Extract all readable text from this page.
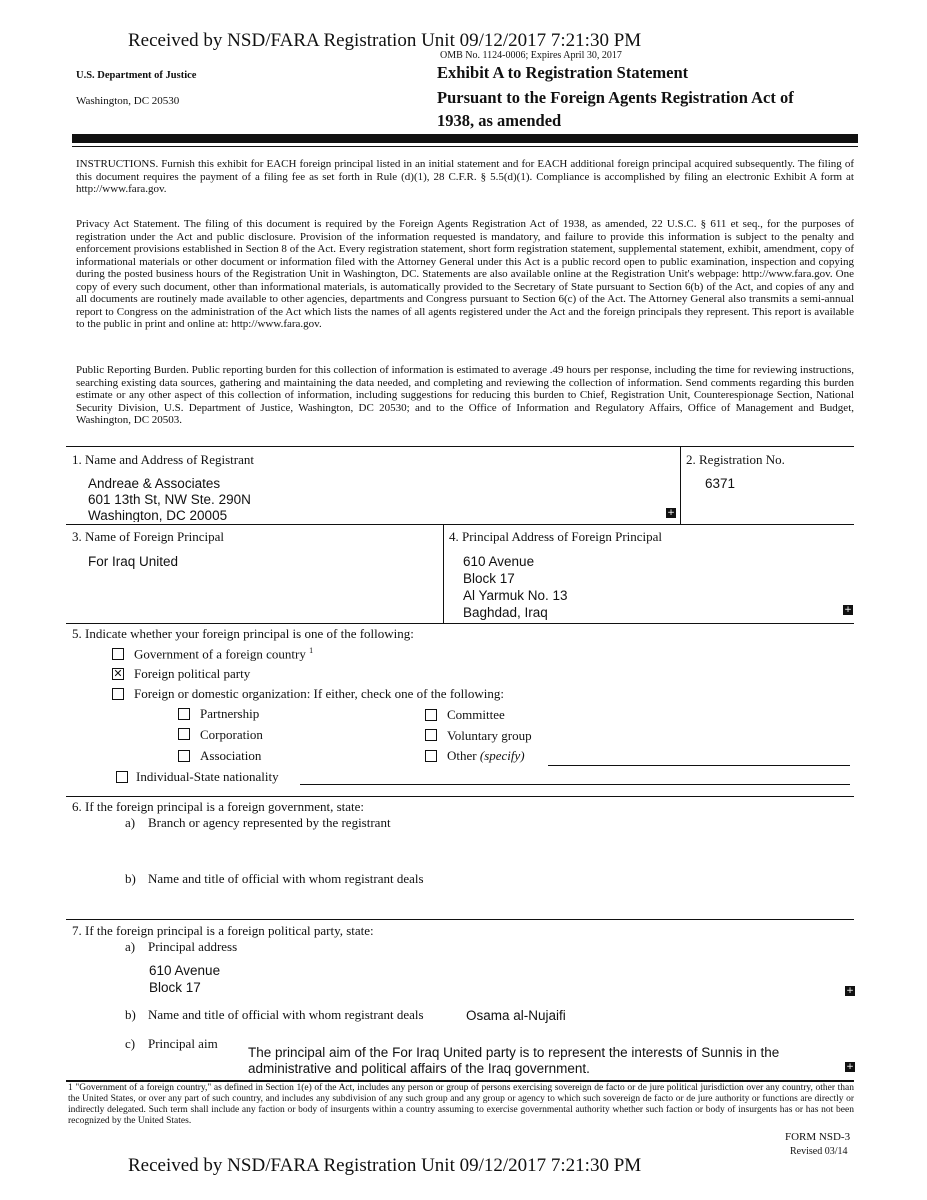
Received by NSD/FARA Registration Unit 09/12/2017 7:21:30 PM
OMB No. 1124-0006; Expires April 30, 2017
U.S. Department of Justice
Washington, DC 20530
Exhibit A to Registration Statement
Pursuant to the Foreign Agents Registration Act of
1938, as amended
INSTRUCTIONS. Furnish this exhibit for EACH foreign principal listed in an initial statement and for EACH additional foreign principal acquired subsequently. The filing of this document requires the payment of a filing fee as set forth in Rule (d)(1), 28 C.F.R. § 5.5(d)(1). Compliance is accomplished by filing an electronic Exhibit A form at http://www.fara.gov.
Privacy Act Statement. The filing of this document is required by the Foreign Agents Registration Act of 1938, as amended, 22 U.S.C. § 611 et seq., for the purposes of registration under the Act and public disclosure. Provision of the information requested is mandatory, and failure to provide this information is subject to the penalty and enforcement provisions established in Section 8 of the Act. Every registration statement, short form registration statement, supplemental statement, exhibit, amendment, copy of informational materials or other document or information filed with the Attorney General under this Act is a public record open to public examination, inspection and copying during the posted business hours of the Registration Unit in Washington, DC. Statements are also available online at the Registration Unit's webpage: http://www.fara.gov. One copy of every such document, other than informational materials, is automatically provided to the Secretary of State pursuant to Section 6(b) of the Act, and copies of any and all documents are routinely made available to other agencies, departments and Congress pursuant to Section 6(c) of the Act. The Attorney General also transmits a semi-annual report to Congress on the administration of the Act which lists the names of all agents registered under the Act and the foreign principals they represent. This report is available to the public in print and online at: http://www.fara.gov.
Public Reporting Burden. Public reporting burden for this collection of information is estimated to average .49 hours per response, including the time for reviewing instructions, searching existing data sources, gathering and maintaining the data needed, and completing and reviewing the collection of information. Send comments regarding this burden estimate or any other aspect of this collection of information, including suggestions for reducing this burden to Chief, Registration Unit, Counterespionage Section, National Security Division, U.S. Department of Justice, Washington, DC 20530; and to the Office of Information and Regulatory Affairs, Office of Management and Budget, Washington, DC 20503.
1. Name and Address of Registrant
Andreae & Associates
601 13th St, NW Ste. 290N
Washington, DC 20005	+
2. Registration No.
6371
3. Name of Foreign Principal
For Iraq United
4. Principal Address of Foreign Principal
610 Avenue
Block 17
Al Yarmuk No. 13
Baghdad, Iraq	+
5. Indicate whether your foreign principal is one of the following:
Government of a foreign country $^1$
✕ Foreign political party
Foreign or domestic organization: If either, check one of the following:
Partnership
Corporation
Association
Committee
Voluntary group
Other (specify)
Individual-State nationality
6. If the foreign principal is a foreign government, state:
a) Branch or agency represented by the registrant
b) Name and title of official with whom registrant deals
7. If the foreign principal is a foreign political party, state:
a) Principal address
610 Avenue
Block 17	+
b) Name and title of official with whom registrant deals	Osama al-Nujaifi
c) Principal aim
The principal aim of the For Iraq United party is to represent the interests of Sunnis in the
administrative and political affairs of the Iraq government.	+
1 "Government of a foreign country," as defined in Section 1(e) of the Act, includes any person or group of persons exercising sovereign de facto or de jure political jurisdiction over any country, other than the United States, or over any part of such country, and includes any subdivision of any such group and any group or agency to which such sovereign de facto or de jure authority or functions are directly or indirectly delegated. Such term shall include any faction or body of insurgents within a country assuming to exercise governmental authority whether such faction or body of insurgents has or has not been recognized by the United States.
FORM NSD-3
Revised 03/14
Received by NSD/FARA Registration Unit 09/12/2017 7:21:30 PM
